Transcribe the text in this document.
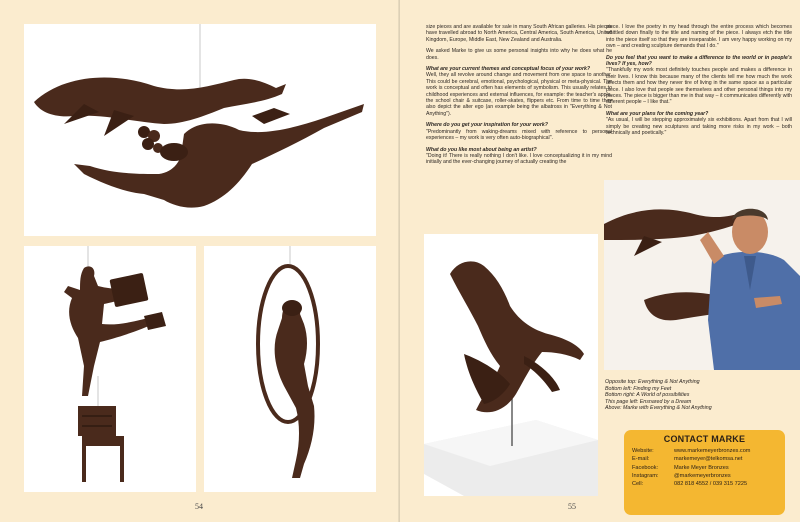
54

size pieces and are available for sale in many South African galleries. His pieces have travelled abroad to North America, Central America, South America, United Kingdom, Europe, Middle East, New Zealand and Australia.

We asked Marke to give us some personal insights into why he does what he does.

What are your current themes and conceptual focus of your work?

Well, they all revolve around change and movement from one space to another. This could be cerebral, emotional, psychological, physical or meta-physical. The work is conceptual and often has elements of symbolism. This usually relates to childhood experiences and external influences, for example: the teacher's apple, the school chair & suitcase, roller-skates, flippers etc. From time to time they also depict the alter ego (an example being the albatross in "Everything & Not Anything").

Where do you get your inspiration for your work?

"Predominantly from waking-dreams mixed with reference to personal experiences – my work is very often auto-biographical".

What do you like most about being an artist?

"Doing it! There is really nothing I don't like. I love conceptualizing it in my mind initially and the ever-changing journey of actually creating the

piece. I love the poetry in my head through the entire process which becomes whittled down finally to the title and naming of the piece. I always etch the title into the piece itself so that they are inseparable. I am very happy working on my own – and creating sculpture demands that I do."

Do you feel that you want to make a difference to the world or in people's lives? If yes, how?

"Thankfully my work most definitely touches people and makes a difference in their lives. I know this because many of the clients tell me how much the work affects them and how they never tire of living in the same space as a particular piece. I also love that people see themselves and other personal things into my pieces. The piece is bigger than me in that way – it communicates differently with different people – I like that."

What are your plans for the coming year?

"As usual, I will be stepping approximately six exhibitions. Apart from that I will simply be creating new sculptures and taking more risks in my work – both technically and poetically."

Opposite top: Everything & Not Anything
Bottom left: Finding my Feet
Bottom right: A World of possibilities
This page left: Ensnared by a Dream
Above: Marke with Everything & Not Anything
CONTACT MARKE
Website:	www.markemeyerbronzes.com
E-mail:	markemeyer@telkomsa.net
Facebook:	Marke Meyer Bronzes
Instagram:	@markemeyerbronzes
Cell:	082 818 4552 / 039 315 7225
55
